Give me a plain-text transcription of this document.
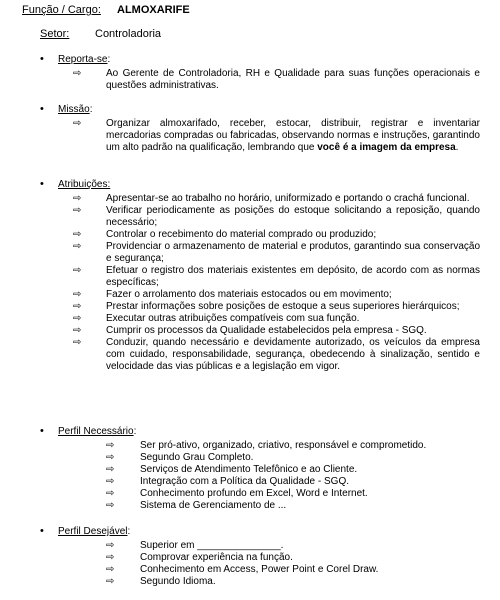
Função / Cargo: ALMOXARIFE
Setor: Controladoria
• Reporta-se:
⇨ Ao Gerente de Controladoria, RH e Qualidade para suas funções operacionais e questões administrativas.
• Missão:
⇨ Organizar almoxarifado, receber, estocar, distribuir, registrar e inventariar mercadorias compradas ou fabricadas, observando normas e instruções, garantindo um alto padrão na qualificação, lembrando que você é a imagem da empresa.
• Atribuições:
⇨ Apresentar-se ao trabalho no horário, uniformizado e portando o crachá funcional.
⇨ Verificar periodicamente as posições do estoque solicitando a reposição, quando necessário;
⇨ Controlar o recebimento do material comprado ou produzido;
⇨ Providenciar o armazenamento de material e produtos, garantindo sua conservação e segurança;
⇨ Efetuar o registro dos materiais existentes em depósito, de acordo com as normas específicas;
⇨ Fazer o arrolamento dos materiais estocados ou em movimento;
⇨ Prestar informações sobre posições de estoque a seus superiores hierárquicos;
⇨ Executar outras atribuições compatíveis com sua função.
⇨ Cumprir os processos da Qualidade estabelecidos pela empresa - SGQ.
⇨ Conduzir, quando necessário e devidamente autorizado, os veículos da empresa com cuidado, responsabilidade, segurança, obedecendo à sinalização, sentido e velocidade das vias públicas e a legislação em vigor.
• Perfil Necessário:
⇨	Ser pró-ativo, organizado, criativo, responsável e comprometido.
⇨	Segundo Grau Completo.
⇨	Serviços de Atendimento Telefônico e ao Cliente.
⇨	Integração com a Política da Qualidade - SGQ.
⇨	Conhecimento profundo em Excel, Word e Internet.
⇨	Sistema de Gerenciamento de ...
• Perfil Desejável:
⇨	Superior em _______________.
⇨	Comprovar experiência na função.
⇨	Conhecimento em Access, Power Point e Corel Draw.
⇨	Segundo Idioma.
